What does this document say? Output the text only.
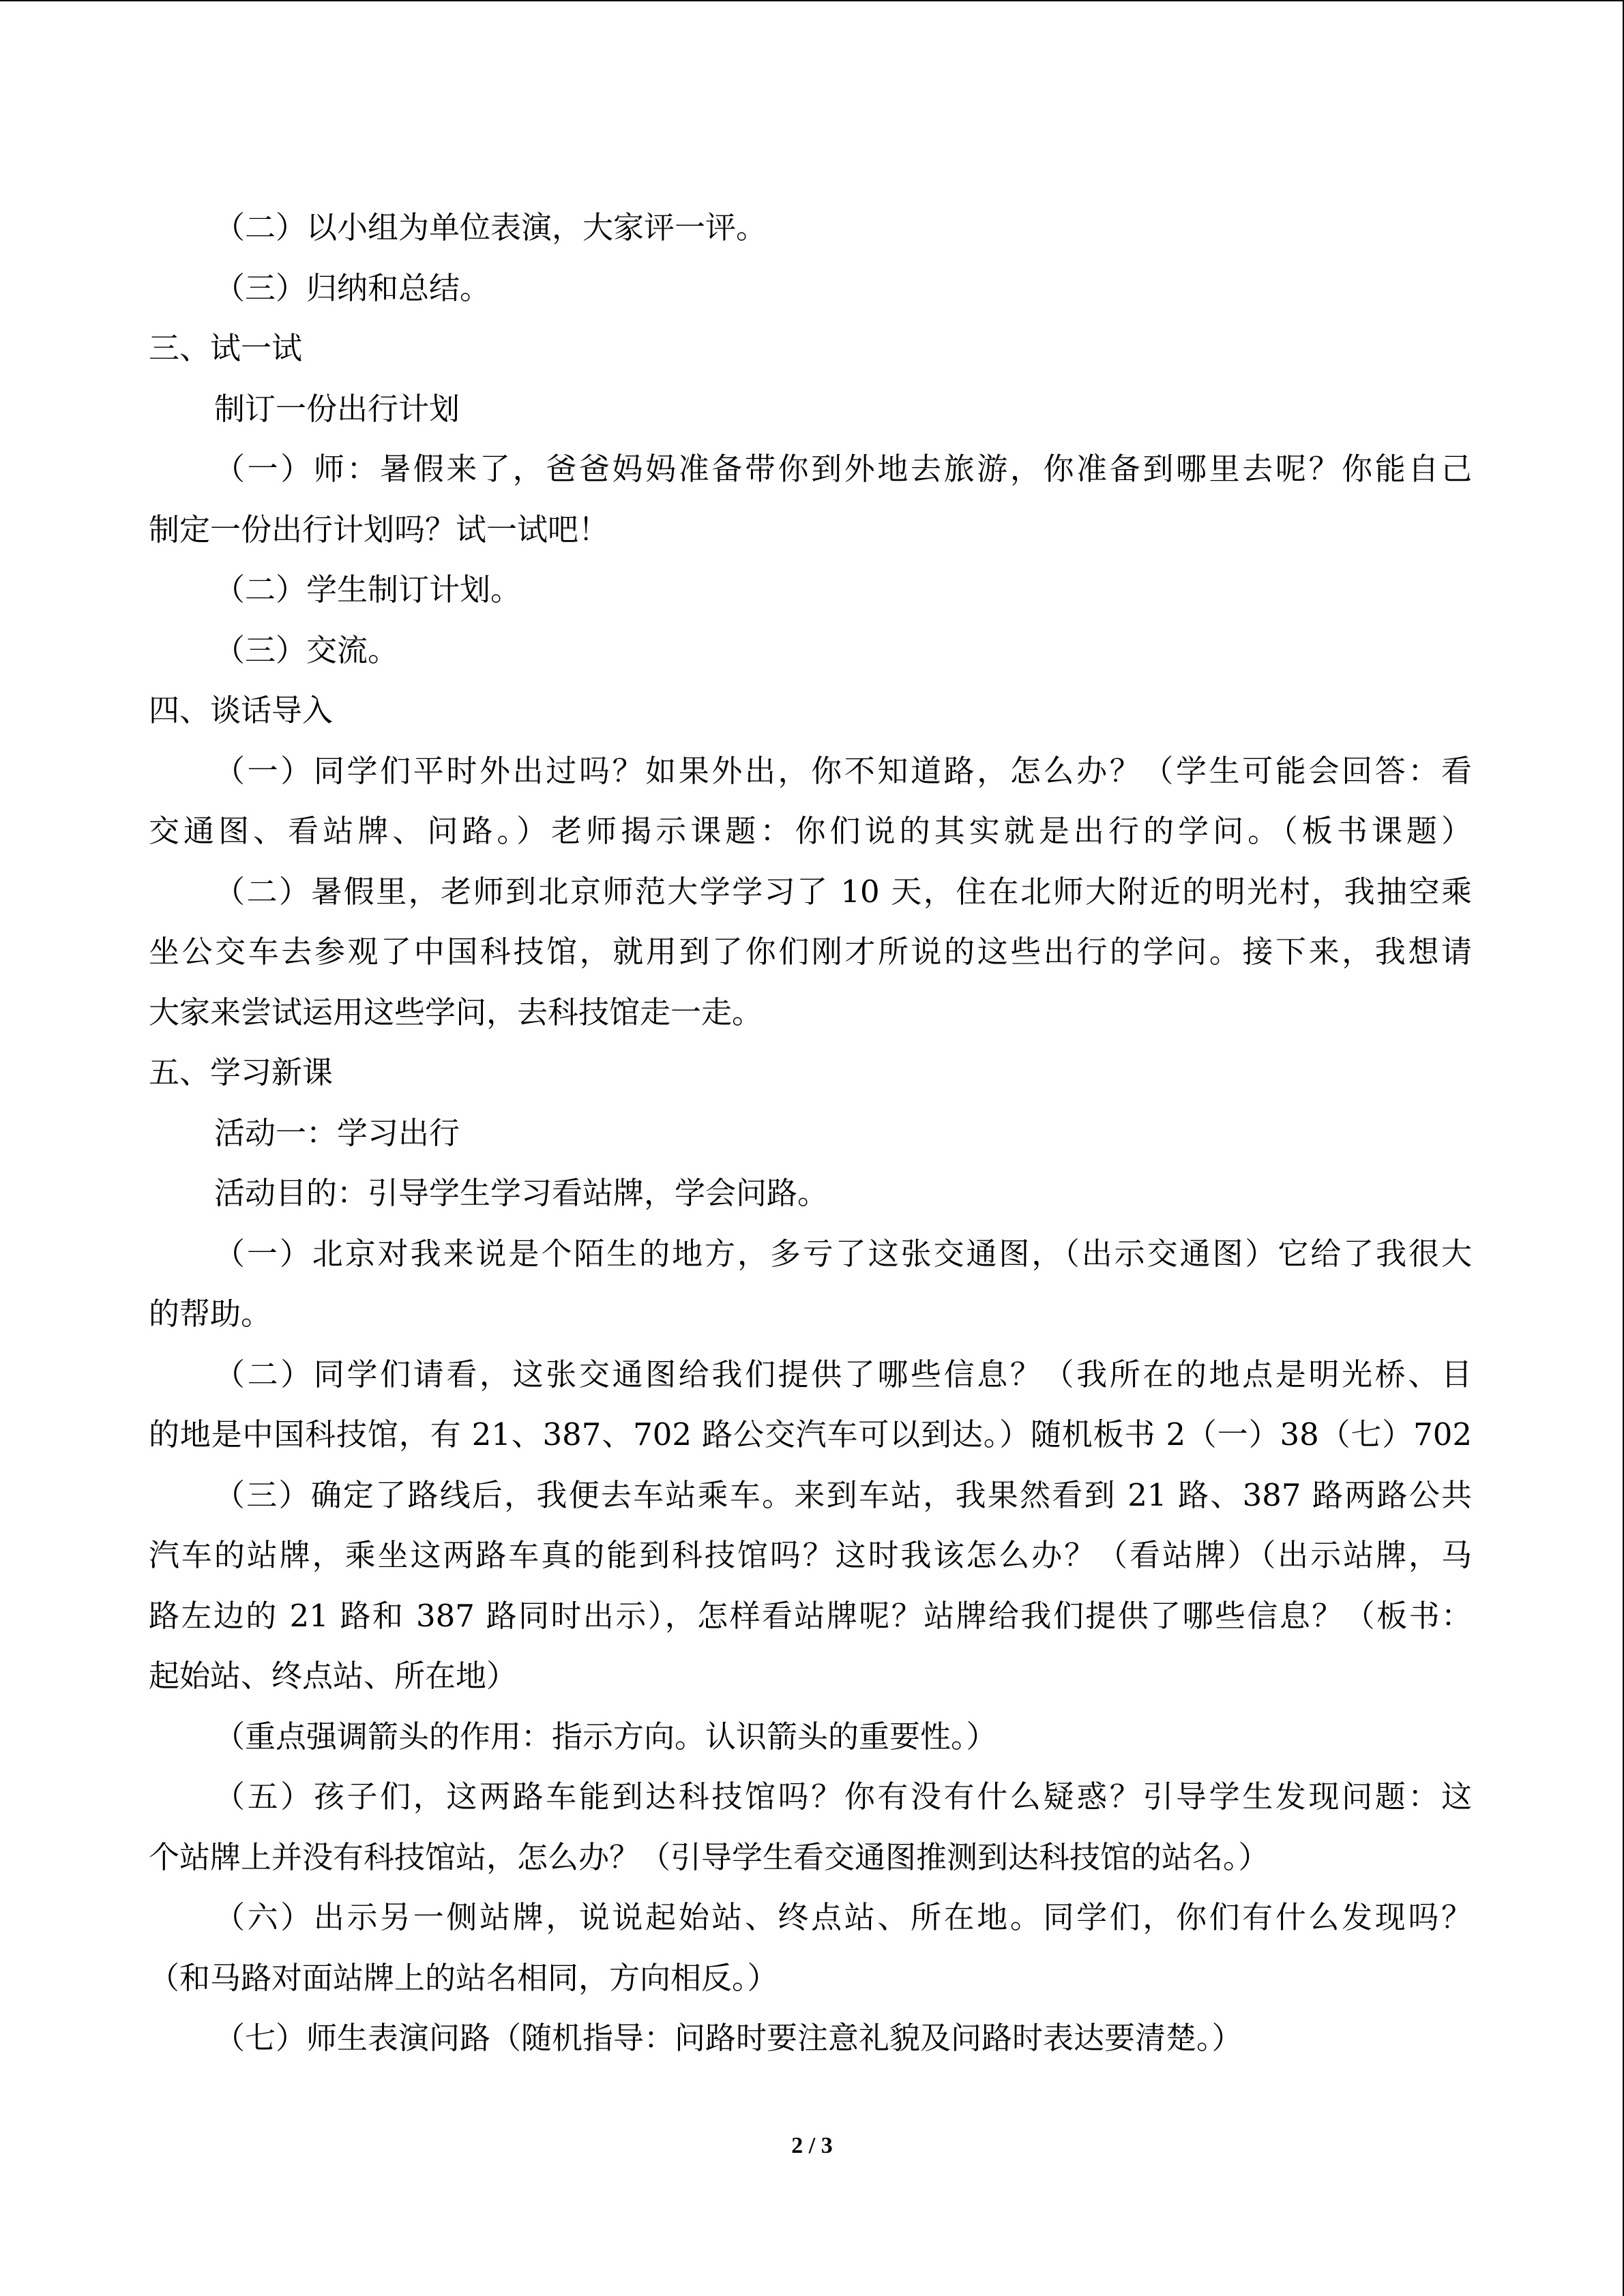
（二）以小组为单位表演，大家评一评。
（三）归纳和总结。
三、试一试
制订一份出行计划
（一）师：暑假来了，爸爸妈妈准备带你到外地去旅游，你准备到哪里去呢？你能自己
制定一份出行计划吗？试一试吧！
（二）学生制订计划。
（三）交流。
四、谈话导入
（一）同学们平时外出过吗？如果外出，你不知道路，怎么办？（学生可能会回答：看
交通图、看站牌、问路。）老师揭示课题：你们说的其实就是出行的学问。（板书课题）
（二）暑假里，老师到北京师范大学学习了 10 天，住在北师大附近的明光村，我抽空乘
坐公交车去参观了中国科技馆，就用到了你们刚才所说的这些出行的学问。接下来，我想请
大家来尝试运用这些学问，去科技馆走一走。
五、学习新课
活动一：学习出行
活动目的：引导学生学习看站牌，学会问路。
（一）北京对我来说是个陌生的地方，多亏了这张交通图，（出示交通图）它给了我很大
的帮助。
（二）同学们请看，这张交通图给我们提供了哪些信息？（我所在的地点是明光桥、目
的地是中国科技馆，有 21、387、702 路公交汽车可以到达。）随机板书 2（一）38（七）702
（三）确定了路线后，我便去车站乘车。来到车站，我果然看到 21 路、387 路两路公共
汽车的站牌，乘坐这两路车真的能到科技馆吗？这时我该怎么办？（看站牌）（出示站牌，马
路左边的 21 路和 387 路同时出示），怎样看站牌呢？站牌给我们提供了哪些信息？（板书：
起始站、终点站、所在地）
（重点强调箭头的作用：指示方向。认识箭头的重要性。）
（五）孩子们，这两路车能到达科技馆吗？你有没有什么疑惑？引导学生发现问题：这
个站牌上并没有科技馆站，怎么办？（引导学生看交通图推测到达科技馆的站名。）
（六）出示另一侧站牌，说说起始站、终点站、所在地。同学们，你们有什么发现吗？
（和马路对面站牌上的站名相同，方向相反。）
（七）师生表演问路（随机指导：问路时要注意礼貌及问路时表达要清楚。）
2 / 3
